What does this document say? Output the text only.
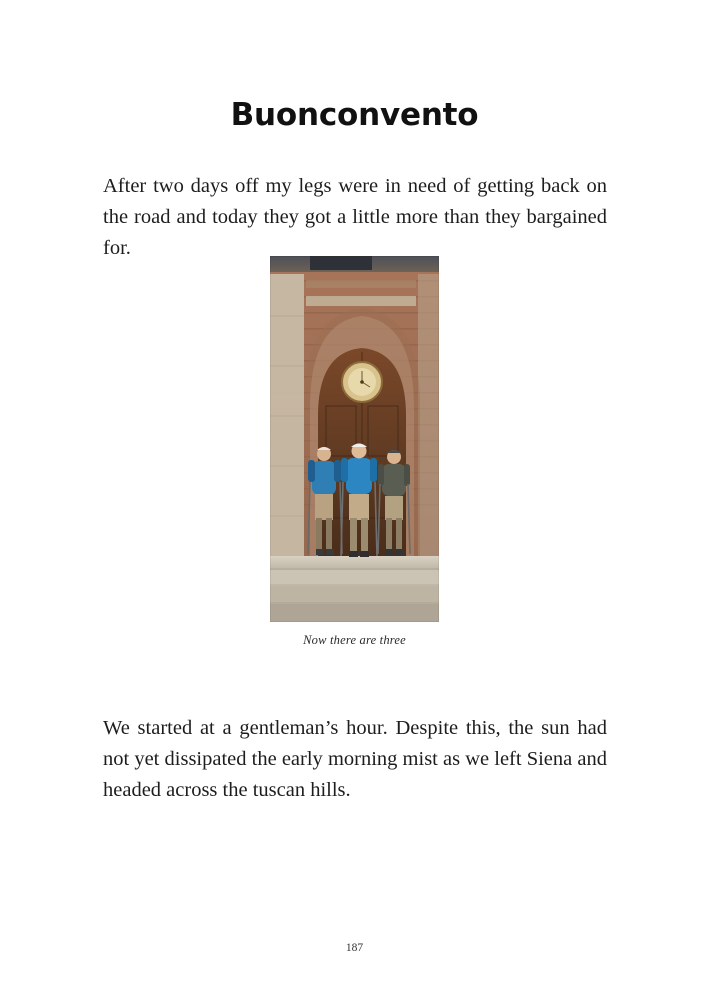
Buonconvento

After two days off my legs were in need of getting back on the road and today they got a little more than they bargained for.

Now there are three

We started at a gentleman’s hour. Despite this, the sun had not yet dissipated the early morning mist as we left Siena and headed across the tuscan hills.

187
